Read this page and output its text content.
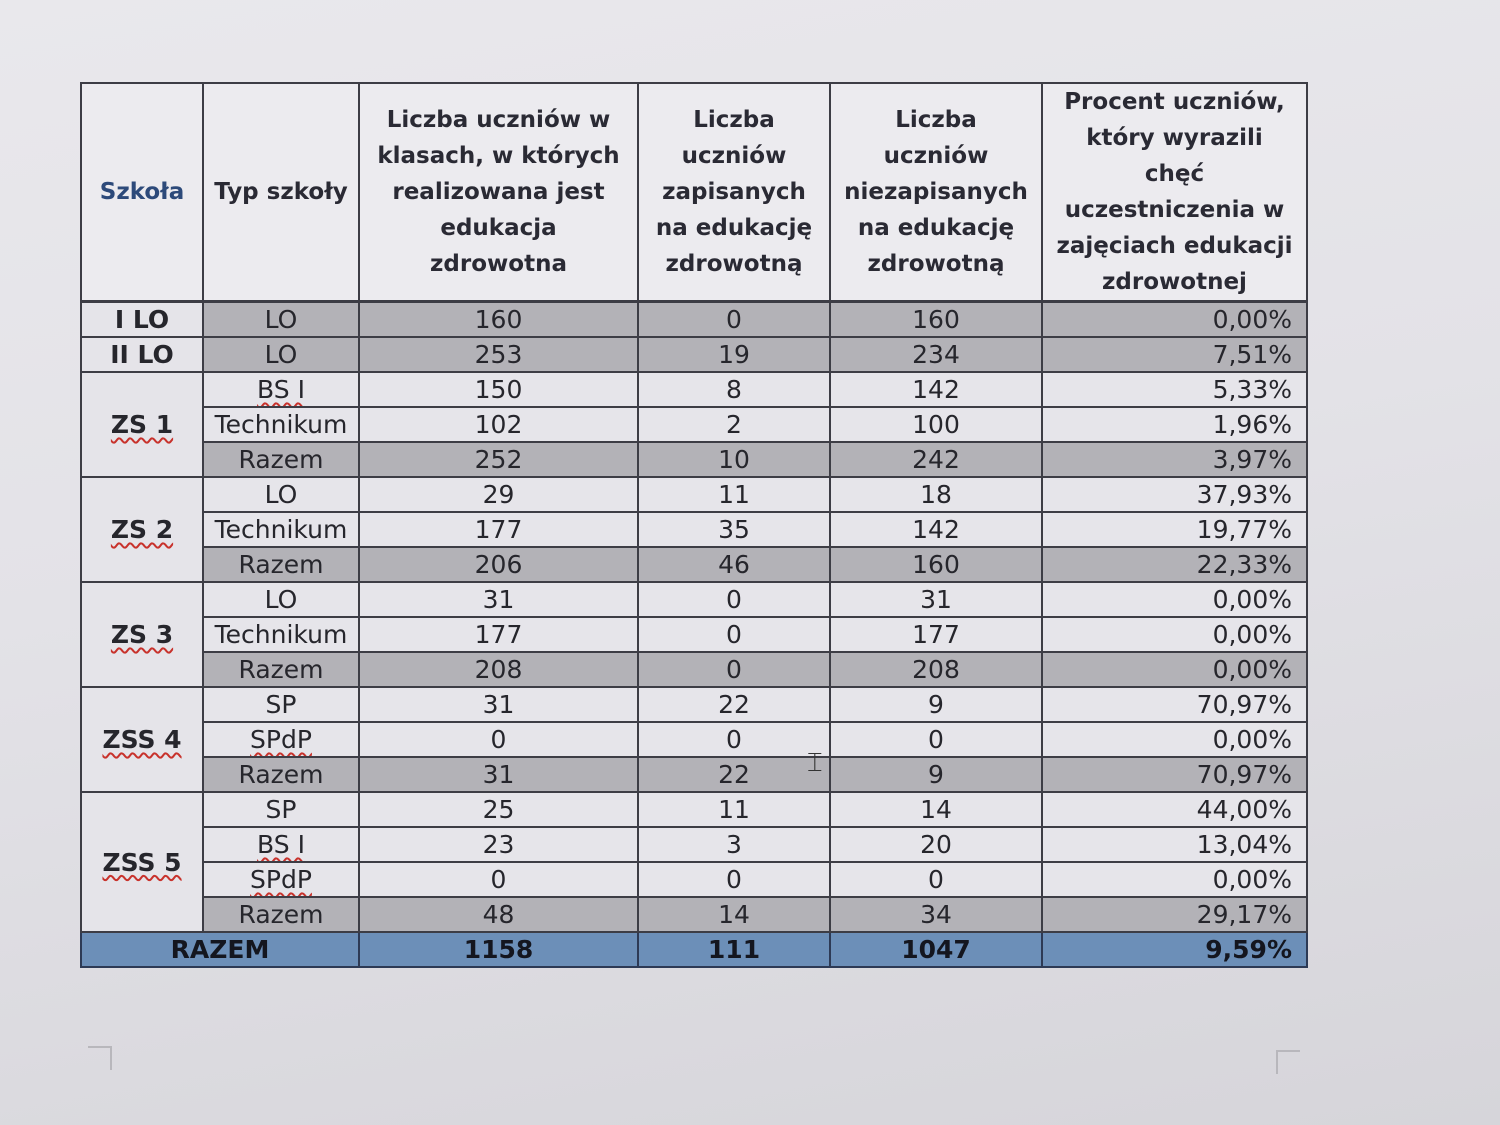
Szkoła	Typ szkoły	Liczba uczniów w klasach, w których realizowana jest edukacja zdrowotna	Liczba uczniów zapisanych na edukację zdrowotną	Liczba uczniów niezapisanych na edukację zdrowotną	Procent uczniów, który wyrazili chęć uczestniczenia w zajęciach edukacji zdrowotnej
I LO	LO	160	0	160	0,00%
II LO	LO	253	19	234	7,51%
ZS 1	BS I	150	8	142	5,33%
	Technikum	102	2	100	1,96%
	Razem	252	10	242	3,97%
ZS 2	LO	29	11	18	37,93%
	Technikum	177	35	142	19,77%
	Razem	206	46	160	22,33%
ZS 3	LO	31	0	31	0,00%
	Technikum	177	0	177	0,00%
	Razem	208	0	208	0,00%
ZSS 4	SP	31	22	9	70,97%
	SPdP	0	0	0	0,00%
	Razem	31	22	9	70,97%
ZSS 5	SP	25	11	14	44,00%
	BS I	23	3	20	13,04%
	SPdP	0	0	0	0,00%
	Razem	48	14	34	29,17%
RAZEM		1158	111	1047	9,59%
⌶
